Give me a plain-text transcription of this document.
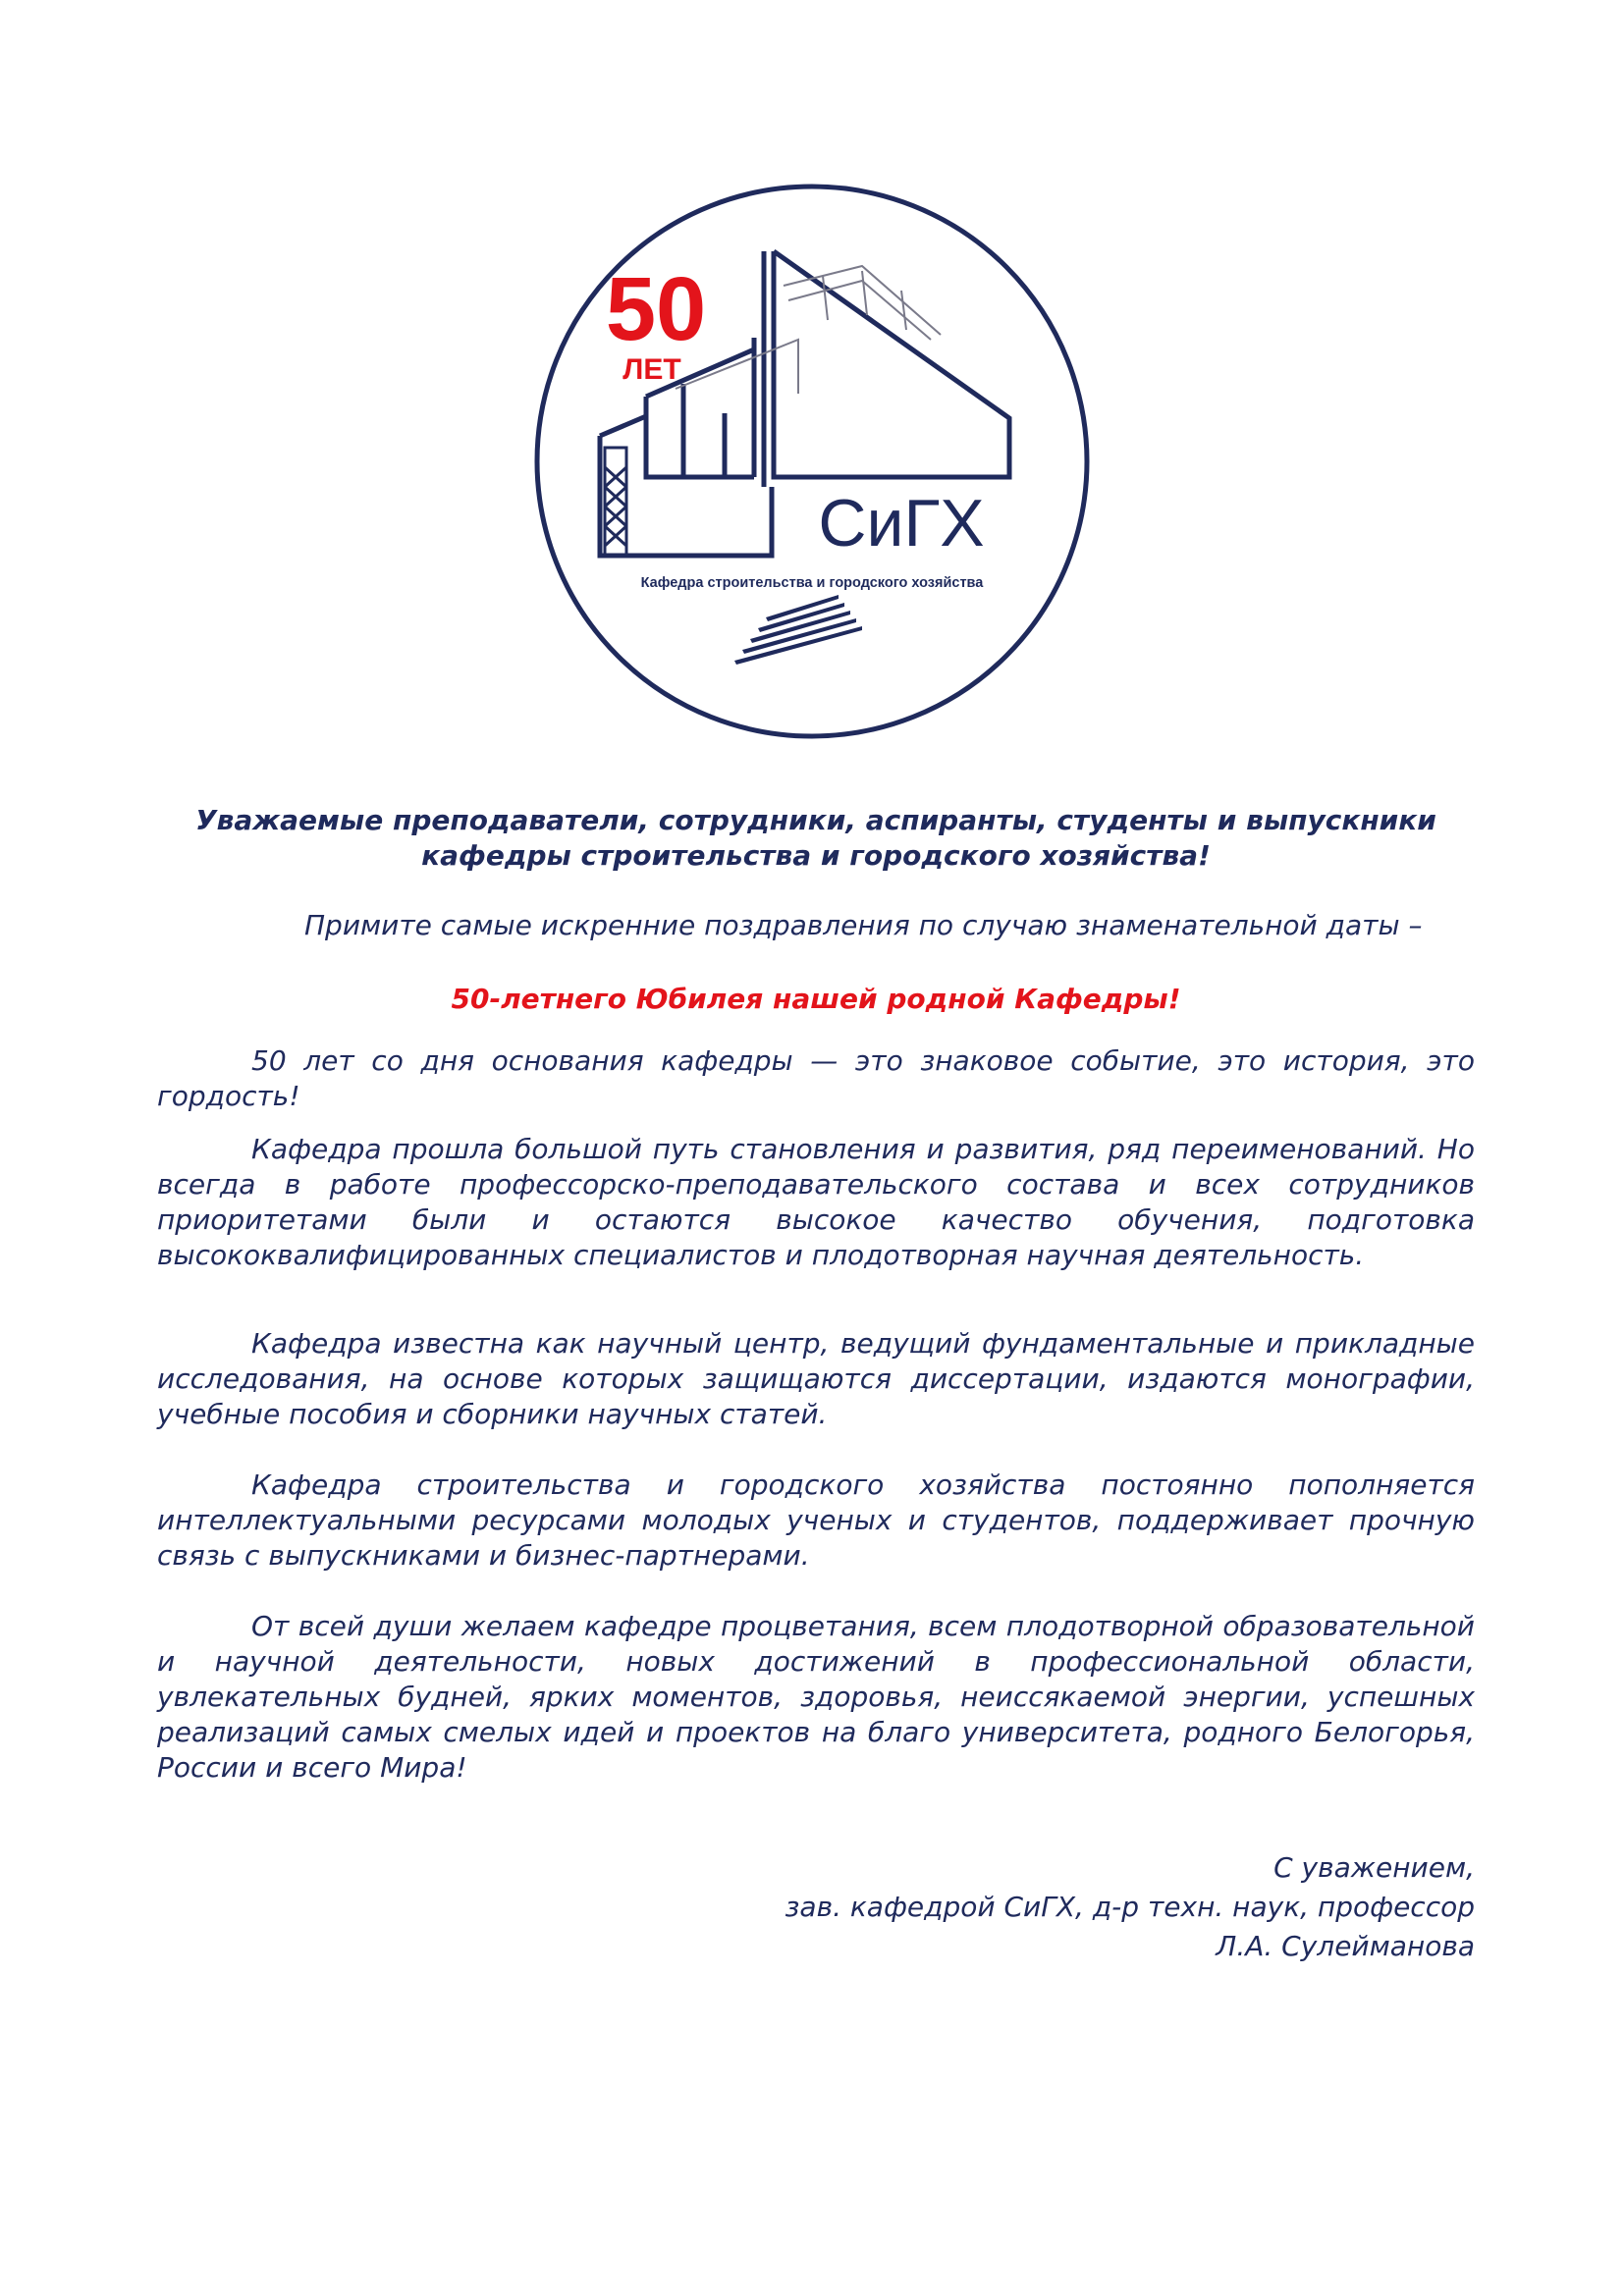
50
ЛЕТ
СиГХ
Кафедра строительства и городского хозяйства
Уважаемые преподаватели, сотрудники, аспиранты, студенты и выпускники
кафедры строительства и городского хозяйства!
Примите самые искренние поздравления по случаю знаменательной даты –
50-летнего Юбилея нашей родной Кафедры!

50 лет со дня основания кафедры — это знаковое событие, это история, это гордость!

Кафедра прошла большой путь становления и развития, ряд переименований. Но всегда в работе профессорско-преподавательского состава и всех сотрудников приоритетами были и остаются высокое качество обучения, подготовка высококвалифицированных специалистов и плодотворная научная деятельность.

Кафедра известна как научный центр, ведущий фундаментальные и прикладные исследования, на основе которых защищаются диссертации, издаются монографии, учебные пособия и сборники научных статей.

Кафедра строительства и городского хозяйства постоянно пополняется интеллектуальными ресурсами молодых ученых и студентов, поддерживает прочную связь с выпускниками и бизнес-партнерами.

От всей души желаем кафедре процветания, всем плодотворной образовательной и научной деятельности, новых достижений в профессиональной области, увлекательных будней, ярких моментов, здоровья, неиссякаемой энергии, успешных реализаций самых смелых идей и проектов на благо университета, родного Белогорья, России и всего Мира!

С уважением,
зав. кафедрой СиГХ, д-р техн. наук, профессор
Л.А. Сулейманова
